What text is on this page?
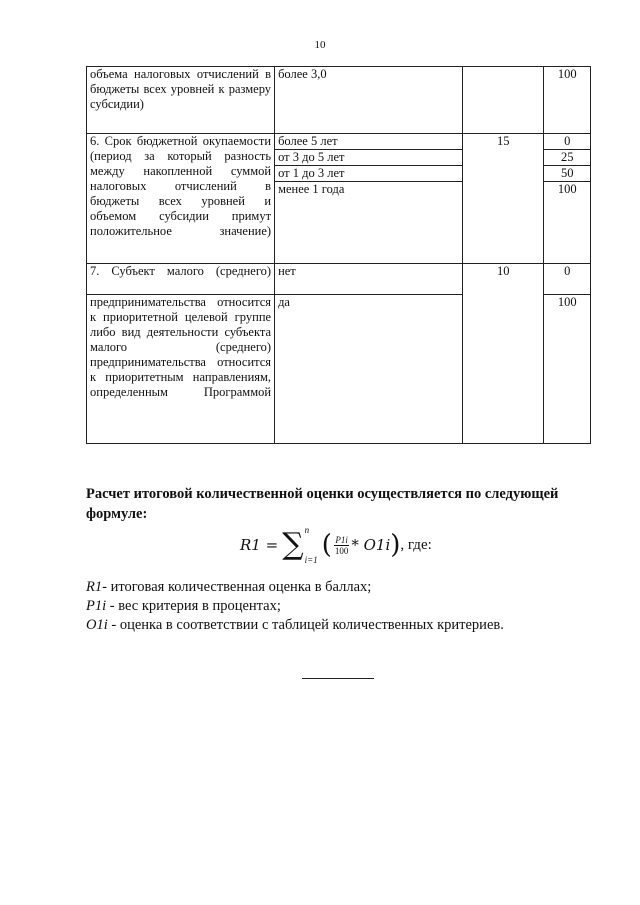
10
объема налоговых отчислений в бюджеты всех уровней к размеру субсидии)	более 3,0		100
6. Срок бюджетной окупаемости (период за который разность между накопленной суммой налоговых отчислений в бюджеты всех уровней и объемом субсидии примут положительное значение)	более 5 лет	15	0
	от 3 до 5 лет		25
	от 1 до 3 лет		50
	менее 1 года		100
7. Субъект малого (среднего)	нет	10	0
предпринимательства относится к приоритетной целевой группе либо вид деятельности субъекта малого (среднего) предпринимательства относится к приоритетным направлениям, определенным Программой	да		100

Расчет итоговой количественной оценки осуществляется по следующей формуле:

R1 = ∑ n
i=1 ( $\frac{P1i}{100} * O1i$ ) , где:
R1- итоговая количественная оценка в баллах;
P1i - вес критерия в процентах;
O1i - оценка в соответствии с таблицей количественных критериев.
